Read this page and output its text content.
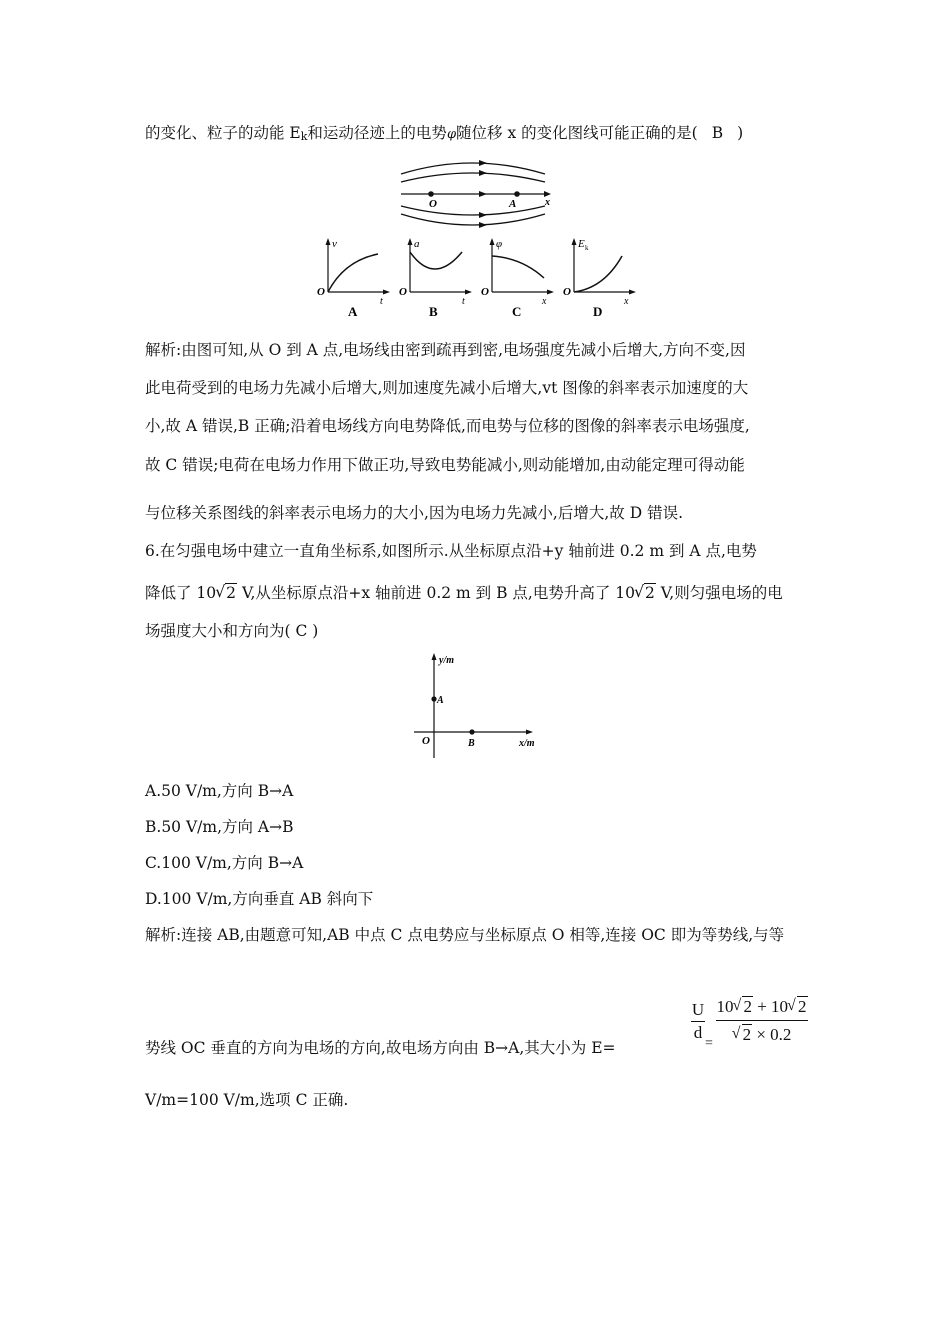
的变化、粒子的动能 Ek和运动径迹上的电势φ随位移 x 的变化图线可能正确的是( B )
O	A	x
v
t
O
A
a
t
O
B
φ
x
O
C
E k
x
O
D
解析:由图可知,从 O 到 A 点,电场线由密到疏再到密,电场强度先减小后增大,方向不变,因
此电荷受到的电场力先减小后增大,则加速度先减小后增大,vt 图像的斜率表示加速度的大
小,故 A 错误,B 正确;沿着电场线方向电势降低,而电势与位移的图像的斜率表示电场强度,
故 C 错误;电荷在电场力作用下做正功,导致电势能减小,则动能增加,由动能定理可得动能
与位移关系图线的斜率表示电场力的大小,因为电场力先减小,后增大,故 D 错误.
6.在匀强电场中建立一直角坐标系,如图所示.从坐标原点沿+y 轴前进 0.2 m 到 A 点,电势
降低了 10√ 2 V,从坐标原点沿+x 轴前进 0.2 m 到 B 点,电势升高了 10√ 2 V,则匀强电场的电
场强度大小和方向为( C )
y/m
x/m
O
A
B
A.50 V/m,方向 B→A
B.50 V/m,方向 A→B
C.100 V/m,方向 B→A
D.100 V/m,方向垂直 AB 斜向下
解析:连接 AB,由题意可知,AB 中点 C 点电势应与坐标原点 O 相等,连接 OC 即为等势线,与等
势线 OC 垂直的方向为电场的方向,故电场方向由 B→A,其大小为 E=
$\frac{U}{d} = 10√$ 2 + 10√ 2
√ 2 × 0.2
V/m=100 V/m,选项 C 正确.
